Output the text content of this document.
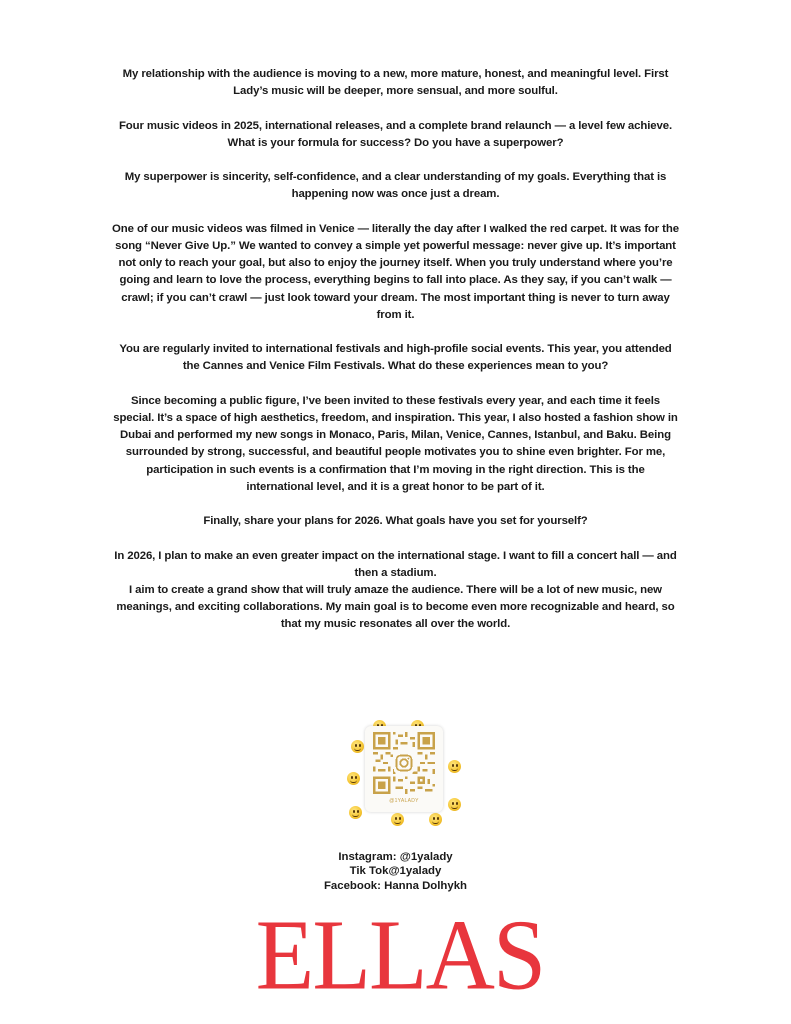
My relationship with the audience is moving to a new, more mature, honest, and meaningful level. First Lady’s music will be deeper, more sensual, and more soulful.

Four music videos in 2025, international releases, and a complete brand relaunch — a level few achieve. What is your formula for success? Do you have a superpower?

My superpower is sincerity, self-confidence, and a clear understanding of my goals. Everything that is happening now was once just a dream.

One of our music videos was filmed in Venice — literally the day after I walked the red carpet. It was for the song “Never Give Up.” We wanted to convey a simple yet powerful message: never give up. It’s important not only to reach your goal, but also to enjoy the journey itself. When you truly understand where you’re going and learn to love the process, everything begins to fall into place. As they say, if you can’t walk — crawl; if you can’t crawl — just look toward your dream. The most important thing is never to turn away from it.

You are regularly invited to international festivals and high-profile social events. This year, you attended the Cannes and Venice Film Festivals. What do these experiences mean to you?

Since becoming a public figure, I’ve been invited to these festivals every year, and each time it feels special. It’s a space of high aesthetics, freedom, and inspiration. This year, I also hosted a fashion show in Dubai and performed my new songs in Monaco, Paris, Milan, Venice, Cannes, Istanbul, and Baku. Being surrounded by strong, successful, and beautiful people motivates you to shine even brighter. For me, participation in such events is a confirmation that I’m moving in the right direction. This is the international level, and it is a great honor to be part of it.

Finally, share your plans for 2026. What goals have you set for yourself?

In 2026, I plan to make an even greater impact on the international stage. I want to fill a concert hall — and then a stadium.

I aim to create a grand show that will truly amaze the audience. There will be a lot of new music, new meanings, and exciting collaborations. My main goal is to become even more recognizable and heard, so that my music resonates all over the world.

@1YALADY
Instagram: @1yalady
Tik Tok@1yalady
Facebook: Hanna Dolhykh
ELLAS
